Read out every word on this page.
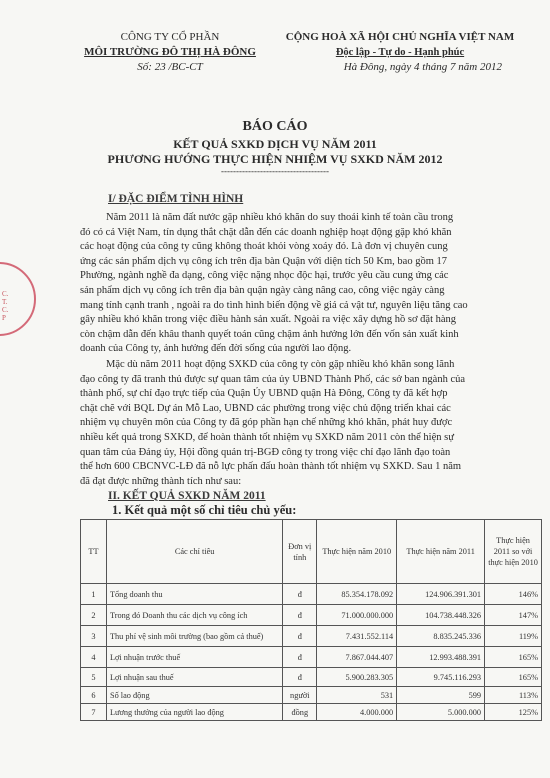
C.T.C.P
CÔNG TY CỔ PHẦN
MÔI TRƯỜNG ĐÔ THỊ HÀ ĐÔNG
Số: 23 /BC-CT
CỘNG HOÀ XÃ HỘI CHỦ NGHĨA VIỆT NAM
Độc lập - Tự do - Hạnh phúc
Hà Đông, ngày 4 tháng 7 năm 2012
BÁO CÁO
KẾT QUẢ SXKD DỊCH VỤ NĂM 2011
PHƯƠNG HƯỚNG THỰC HIỆN NHIỆM VỤ SXKD NĂM 2012
------------------------------------
I/ ĐẶC ĐIỂM TÌNH HÌNH
Năm 2011 là năm đất nước gặp nhiều khó khăn do suy thoái kinh tế toàn cầu trong
đó có cả Việt Nam, tín dụng thắt chặt dẫn đến các doanh nghiệp hoạt động gặp khó khăn
các hoạt động của công ty cũng không thoát khỏi vòng xoáy đó. Là đơn vị chuyên cung
ứng các sản phẩm dịch vụ công ích trên địa bàn Quận với diện tích 50 Km, bao gồm 17
Phường, ngành nghề đa dạng, công việc nặng nhọc độc hại, trước yêu cầu cung ứng các
sản phẩm dịch vụ công ích trên địa bàn quận ngày càng nâng cao, công việc ngày càng
mang tính cạnh tranh , ngoài ra do tình hình biến động về giá cả vật tư, nguyên liệu tăng cao
gây nhiều khó khăn trong việc điều hành sản xuất. Ngoài ra việc xây dựng hồ sơ đặt hàng
còn chậm dẫn đến khâu thanh quyết toán cũng chậm ảnh hưởng lớn đến vốn sản xuất kinh
doanh của Công ty, ảnh hưởng đến đời sống của người lao động.
Mặc dù năm 2011 hoạt động SXKD của công ty còn gặp nhiều khó khăn song lãnh
đạo công ty đã tranh thủ được sự quan tâm của ủy UBND Thành Phố, các sở ban ngành của
thành phố, sự chỉ đạo trực tiếp của Quận Ủy UBND quận Hà Đông, Công ty đã kết hợp
chặt chẽ với BQL Dự án Mỗ Lao, UBND các phường trong việc chủ động triển khai các
nhiệm vụ chuyên môn của Công ty đã góp phần hạn chế những khó khăn, phát huy được
nhiều kết quả trong SXKD, để hoàn thành tốt nhiệm vụ SXKD năm 2011 còn thể hiện sự
quan tâm của Đảng ủy, Hội đồng quản trị-BGĐ công ty trong việc chỉ đạo lãnh đạo toàn
thể hơn 600 CBCNVC-LĐ đã nỗ lực phấn đấu hoàn thành tốt nhiệm vụ SXKD. Sau 1 năm
đã đạt được những thành tích như sau:
II. KẾT QUẢ SXKD NĂM 2011
1. Kết quả một số chỉ tiêu chủ yếu:
TT	Các chỉ tiêu	Đơn vị tính	Thực hiện năm 2010	Thực hiện năm 2011	Thực hiện 2011 so với thực hiện 2010
1	Tổng doanh thu	đ	85.354.178.092	124.906.391.301	146%
2	Trong đó Doanh thu các dịch vụ công ích	đ	71.000.000.000	104.738.448.326	147%
3	Thu phí vệ sinh môi trường (bao gồm cả thuế)	đ	7.431.552.114	8.835.245.336	119%
4	Lợi nhuận trước thuế	đ	7.867.044.407	12.993.488.391	165%
5	Lợi nhuận sau thuế	đ	5.900.283.305	9.745.116.293	165%
6	Số lao động	người	531	599	113%
7	Lương thưởng của người lao động	đồng	4.000.000	5.000.000	125%
